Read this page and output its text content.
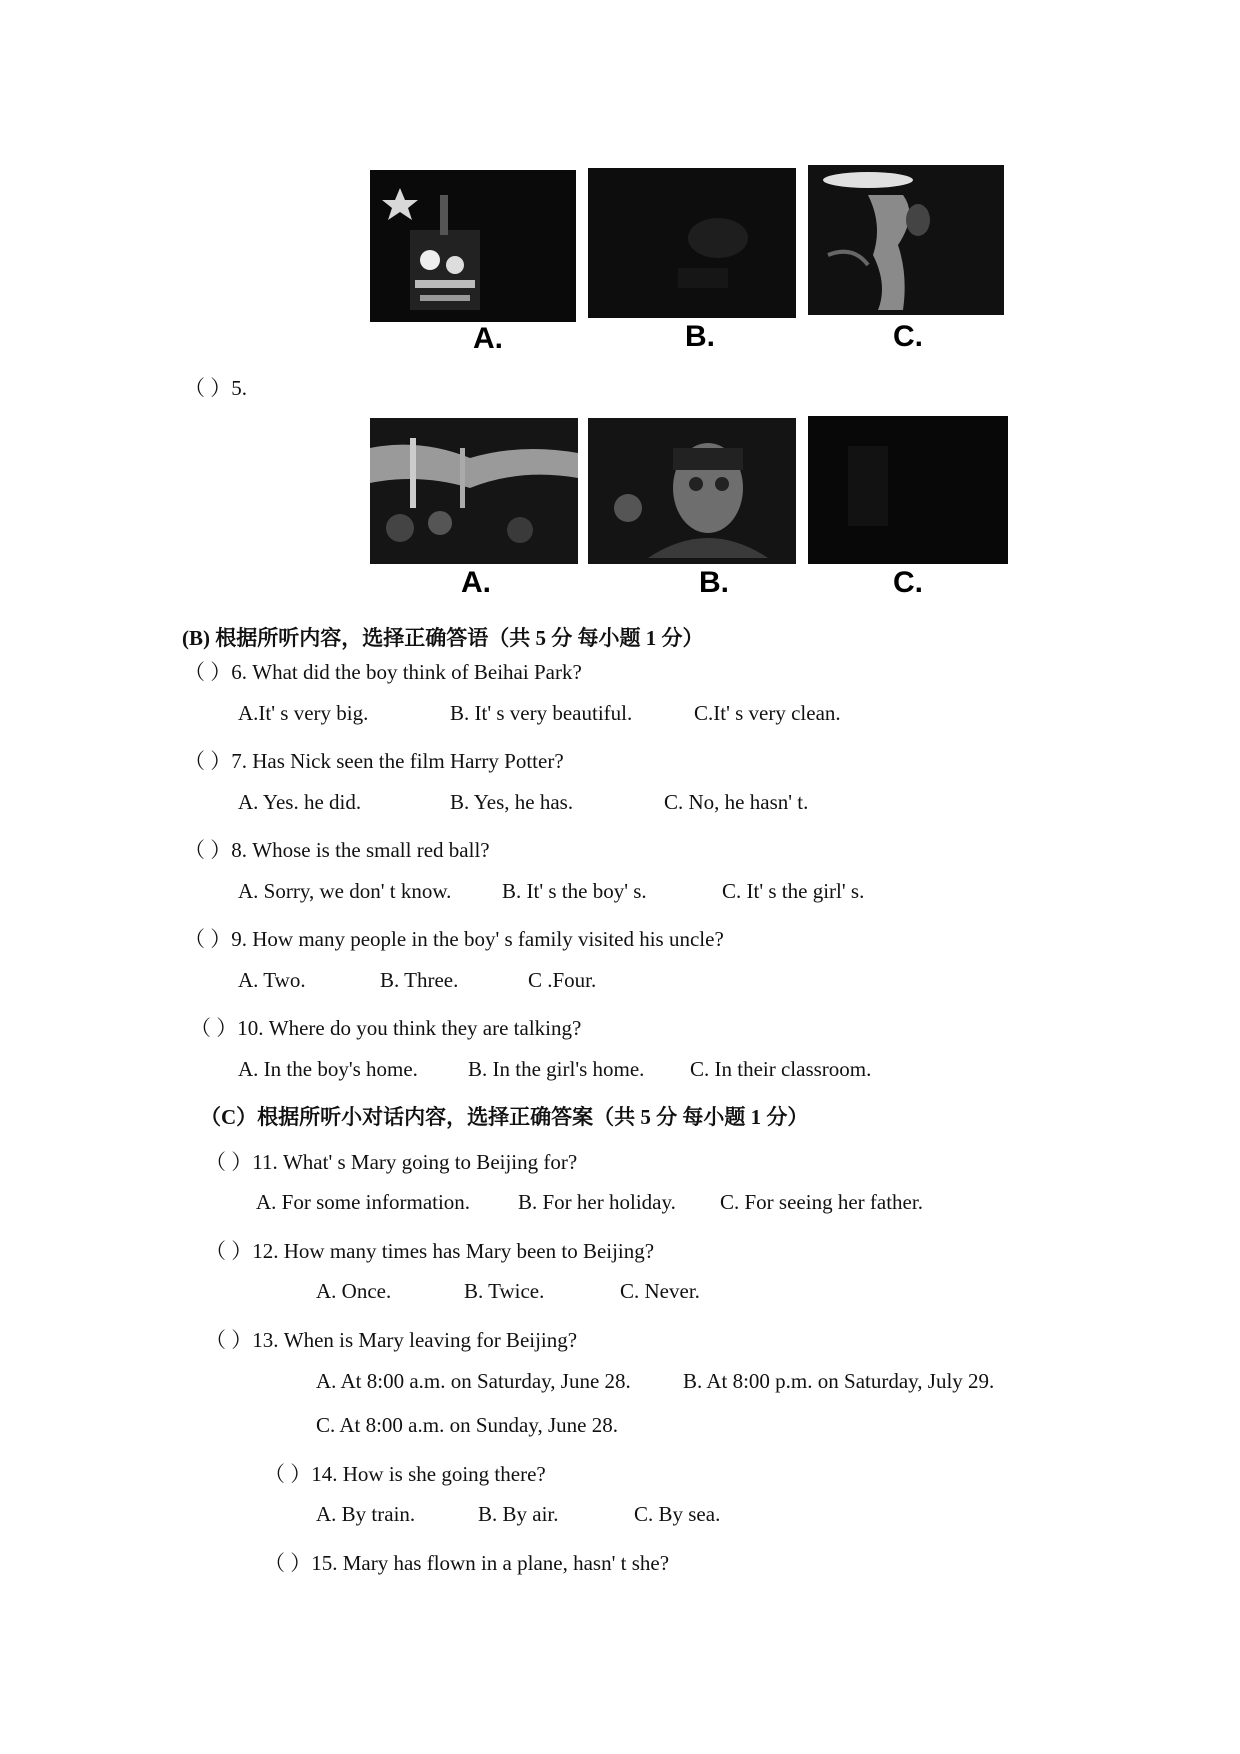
A.	B.	C.
（ ）5.
A.	B.	C.
(B) 根据所听内容，选择正确答语（共 5 分 每小题 1 分）
（ ）6. What did the boy think of Beihai Park?
A.It' s very big.	B. It' s very beautiful.	C.It' s very clean.
（ ）7. Has Nick seen the film Harry Potter?
A. Yes. he did.	B. Yes, he has.	C. No, he hasn' t.
（ ）8. Whose is the small red ball?
A. Sorry, we don' t know. B. It' s the boy' s.	C. It' s the girl' s.
（ ）9. How many people in the boy' s family visited his uncle?
A. Two.	B. Three.	C .Four.
（ ）10. Where do you think they are talking?
A. In the boy's home. B. In the girl's home. C. In their classroom.
（C）根据所听小对话内容，选择正确答案（共 5 分 每小题 1 分）
（ ）11. What' s Mary going to Beijing for?
A. For some information. B. For her holiday. C. For seeing her father.
（ ）12. How many times has Mary been to Beijing?
A. Once.	B. Twice.	C. Never.
（ ）13. When is Mary leaving for Beijing?
A. At 8:00 a.m. on Saturday, June 28. B. At 8:00 p.m. on Saturday, July 29.
C. At 8:00 a.m. on Sunday, June 28.
（ ）14. How is she going there?
A. By train.	B. By air.	C. By sea.
（ ）15. Mary has flown in a plane, hasn' t she?
